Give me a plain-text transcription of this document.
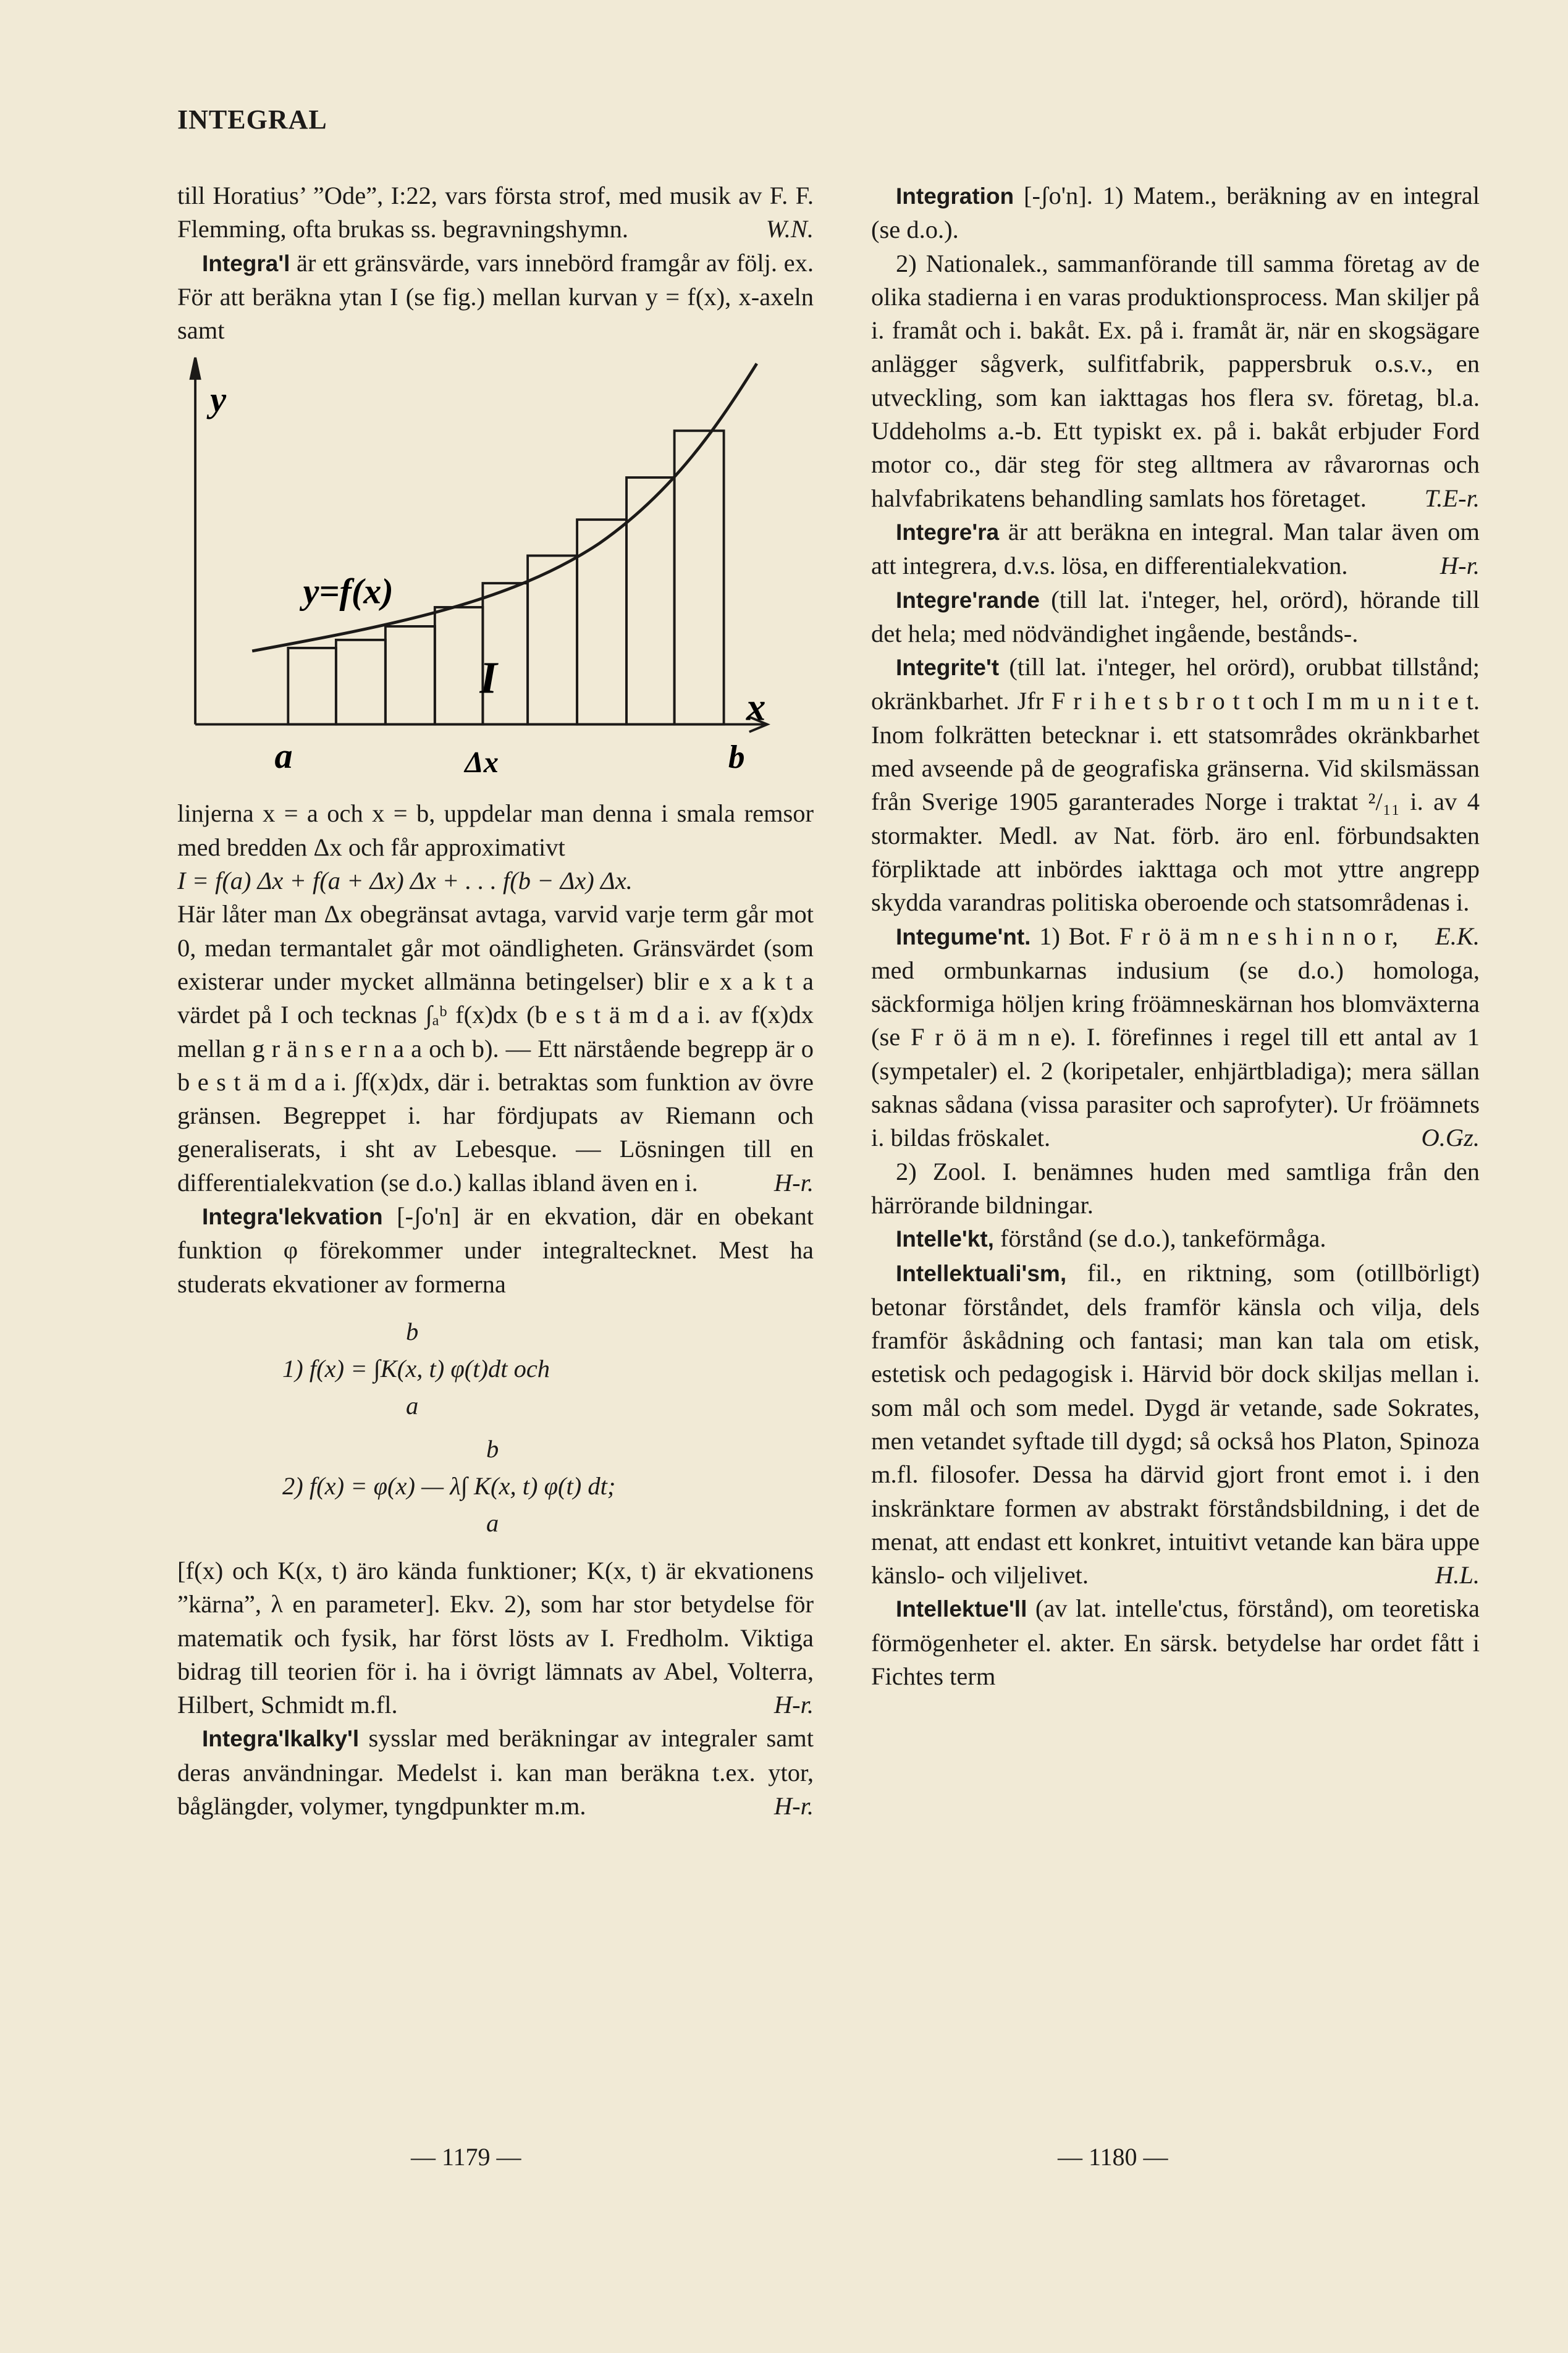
INTEGRAL

till Horatius’ ”Ode”, I:22, vars första strof, med musik av F. F. Flemming, ofta brukas ss. begravningshymn.	W.N.

Integra'l är ett gränsvärde, vars innebörd framgår av följ. ex. För att beräkna ytan I (se fig.) mellan kurvan y = f(x), x-axeln samt

y
y=f(x)
I
x
a	Δx	b

linjerna x = a och x = b, uppdelar man denna i smala remsor med bredden Δx och får approximativt

I = f(a) Δx + f(a + Δx) Δx + . . . f(b − Δx) Δx.

Här låter man Δx obegränsat avtaga, varvid varje term går mot 0, medan termantalet går mot oändligheten. Gränsvärdet (som existerar under mycket allmänna betingelser) blir e x a k t a värdet på I och tecknas ∫ₐᵇ f(x)dx (b e s t ä m d a i. av f(x)dx mellan g r ä n s e r n a a och b). — Ett närstående begrepp är o b e s t ä m d a i. ∫f(x)dx, där i. betraktas som funktion av övre gränsen. Begreppet i. har fördjupats av Riemann och generaliserats, i sht av Lebesque. — Lösningen till en differentialekvation (se d.o.) kallas ibland även en i.	H-r.

Integra'lekvation [-ʃo'n] är en ekvation, där en obekant funktion φ förekommer under integraltecknet. Mest ha studerats ekvationer av formerna

b
1) f(x) = ∫K(x, t) φ(t)dt och
a
b
2) f(x) = φ(x) — λ∫ K(x, t) φ(t) dt;
a

[f(x) och K(x, t) äro kända funktioner; K(x, t) är ekvationens ”kärna”, λ en parameter]. Ekv. 2), som har stor betydelse för matematik och fysik, har först lösts av I. Fredholm. Viktiga bidrag till teorien för i. ha i övrigt lämnats av Abel, Volterra, Hilbert, Schmidt m.fl.	H-r.

Integra'lkalky'l sysslar med beräkningar av integraler samt deras användningar. Medelst i. kan man beräkna t.ex. ytor, båglängder, volymer, tyngdpunkter m.m.	H-r.

Integration [-ʃo'n]. 1) Matem., beräkning av en integral (se d.o.).

2) Nationalek., sammanförande till samma företag av de olika stadierna i en varas produktionsprocess. Man skiljer på i. framåt och i. bakåt. Ex. på i. framåt är, när en skogsägare anlägger sågverk, sulfitfabrik, pappersbruk o.s.v., en utveckling, som kan iakttagas hos flera sv. företag, bl.a. Uddeholms a.-b. Ett typiskt ex. på i. bakåt erbjuder Ford motor co., där steg för steg alltmera av råvarornas och halvfabrikatens behandling samlats hos företaget.	T.E-r.

Integre'ra är att beräkna en integral. Man talar även om att integrera, d.v.s. lösa, en differentialekvation.	H-r.

Integre'rande (till lat. i'nteger, hel, orörd), hörande till det hela; med nödvändighet ingående, bestånds-.

Integrite't (till lat. i'nteger, hel orörd), orubbat tillstånd; okränkbarhet. Jfr F r i h e t s b r o t t och I m m u n i t e t. Inom folkrätten betecknar i. ett statsområdes okränkbarhet med avseende på de geografiska gränserna. Vid skilsmässan från Sverige 1905 garanterades Norge i traktat ²/₁₁ i. av 4 stormakter. Medl. av Nat. förb. äro enl. förbundsakten förpliktade att inbördes iakttaga och mot yttre angrepp skydda varandras politiska oberoende och statsområdenas i.
E.K.

Integume'nt. 1) Bot. F r ö ä m n e s h i n n o r, med ormbunkarnas indusium (se d.o.) homologa, säckformiga höljen kring fröämneskärnan hos blomväxterna (se F r ö ä m n e). I. förefinnes i regel till ett antal av 1 (sympetaler) el. 2 (koripetaler, enhjärtbladiga); mera sällan saknas sådana (vissa parasiter och saprofyter). Ur fröämnets i. bildas fröskalet.	O.Gz.

2) Zool. I. benämnes huden med samtliga från den härrörande bildningar.

Intelle'kt, förstånd (se d.o.), tankeförmåga.

Intellektuali'sm, fil., en riktning, som (otillbörligt) betonar förståndet, dels framför känsla och vilja, dels framför åskådning och fantasi; man kan tala om etisk, estetisk och pedagogisk i. Härvid bör dock skiljas mellan i. som mål och som medel. Dygd är vetande, sade Sokrates, men vetandet syftade till dygd; så också hos Platon, Spinoza m.fl. filosofer. Dessa ha därvid gjort front emot i. i den inskränktare formen av abstrakt förståndsbildning, i det de menat, att endast ett konkret, intuitivt vetande kan bära uppe känslo- och viljelivet.	H.L.

Intellektue'll (av lat. intelle'ctus, förstånd), om teoretiska förmögenheter el. akter. En särsk. betydelse har ordet fått i Fichtes term

— 1179 —	— 1180 —
